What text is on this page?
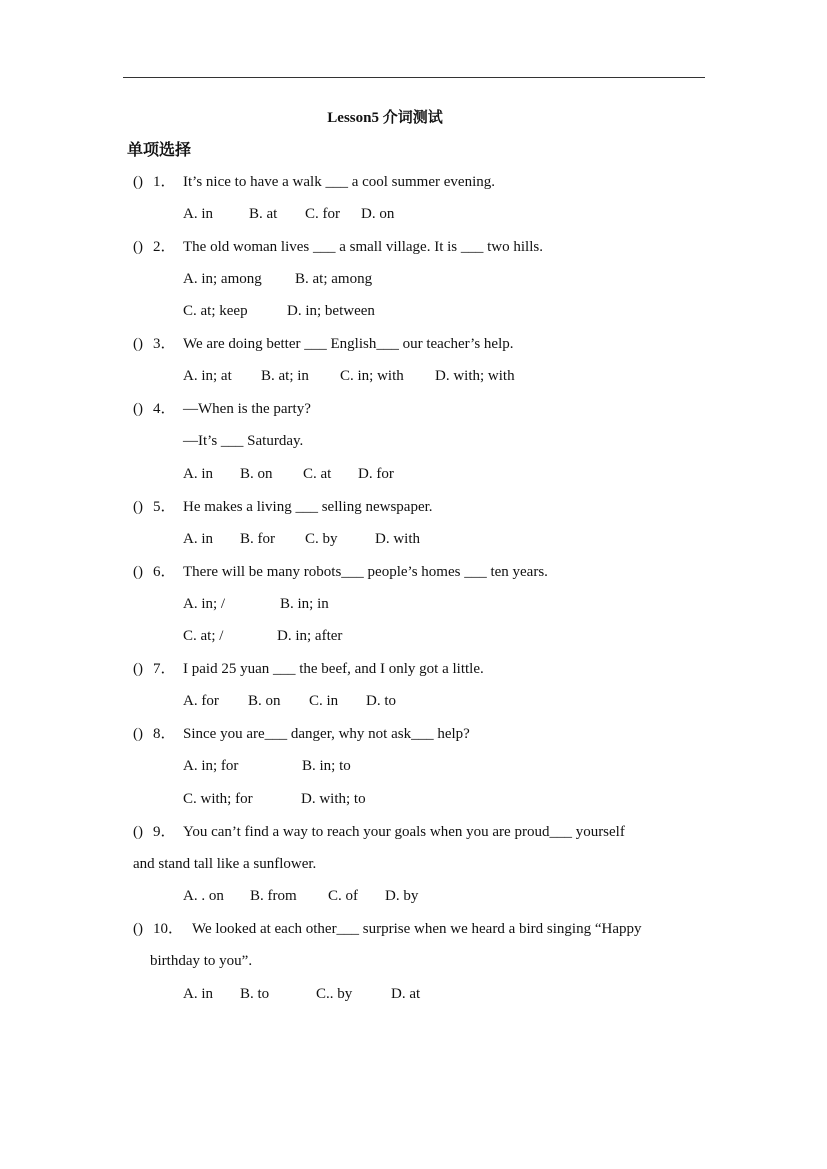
Lesson5 介词测试
单项选择
() 1． It’s nice to have a walk ___ a cool summer evening.
A. in B. at C. for D. on
() 2． The old woman lives ___ a small village. It is ___ two hills.
A. in; among B. at; among
C. at; keep	D. in; between
() 3． We are doing better ___ English___ our teacher’s help.
A. in; at B. at; in C. in; with D. with; with
() 4． —When is the party?
—It’s ___ Saturday.
A. in B. on C. at D. for
() 5． He makes a living ___ selling newspaper.
A. in B. for C. by D. with
() 6． There will be many robots___ people’s homes ___ ten years.
A. in; /	B. in; in
C. at; /	D. in; after
() 7． I paid 25 yuan ___ the beef, and I only got a little.
A. for B. on C. in D. to
() 8． Since you are___ danger, why not ask___ help?
A. in; for	B. in; to
C. with; for	D. with; to
() 9． You can’t find a way to reach your goals when you are proud___ yourself
and stand tall like a sunflower.
A. . on B. from C. of D. by
() 10． We looked at each other___ surprise when we heard a bird singing “Happy
birthday to you”.
A. in B. to	C.. by	D. at
